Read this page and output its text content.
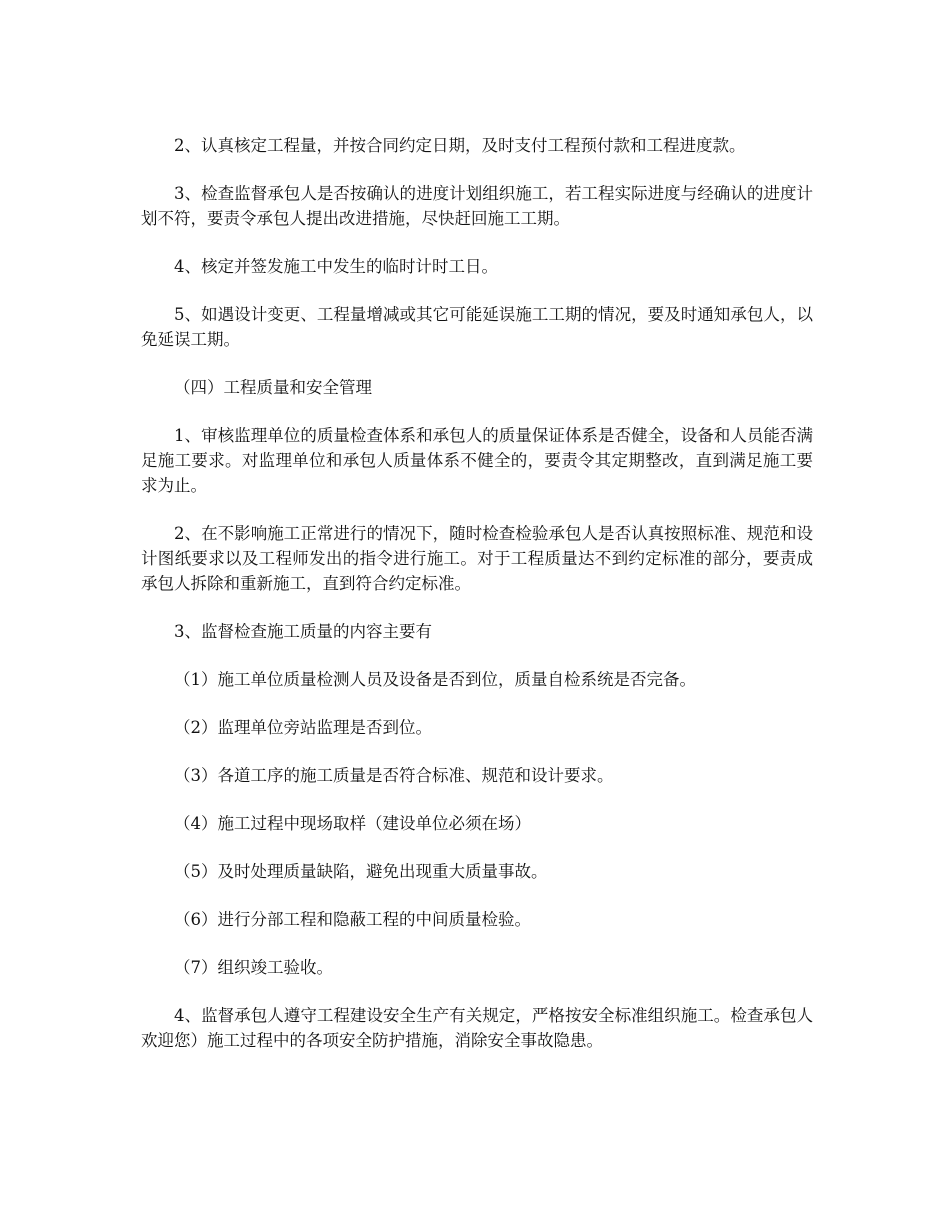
2、认真核定工程量，并按合同约定日期，及时支付工程预付款和工程进度款。

3、检查监督承包人是否按确认的进度计划组织施工，若工程实际进度与经确认的进度计划不符，要责令承包人提出改进措施，尽快赶回施工工期。

4、核定并签发施工中发生的临时计时工日。

5、如遇设计变更、工程量增减或其它可能延误施工工期的情况，要及时通知承包人，以免延误工期。

（四）工程质量和安全管理

1、审核监理单位的质量检查体系和承包人的质量保证体系是否健全，设备和人员能否满足施工要求。对监理单位和承包人质量体系不健全的，要责令其定期整改，直到满足施工要求为止。

2、在不影响施工正常进行的情况下，随时检查检验承包人是否认真按照标准、规范和设计图纸要求以及工程师发出的指令进行施工。对于工程质量达不到约定标准的部分，要责成承包人拆除和重新施工，直到符合约定标准。

3、监督检查施工质量的内容主要有

（1）施工单位质量检测人员及设备是否到位，质量自检系统是否完备。

（2）监理单位旁站监理是否到位。

（3）各道工序的施工质量是否符合标准、规范和设计要求。

（4）施工过程中现场取样（建设单位必须在场）

（5）及时处理质量缺陷，避免出现重大质量事故。

（6）进行分部工程和隐蔽工程的中间质量检验。

（7）组织竣工验收。

4、监督承包人遵守工程建设安全生产有关规定，严格按安全标准组织施工。检查承包人欢迎您）施工过程中的各项安全防护措施，消除安全事故隐患。
